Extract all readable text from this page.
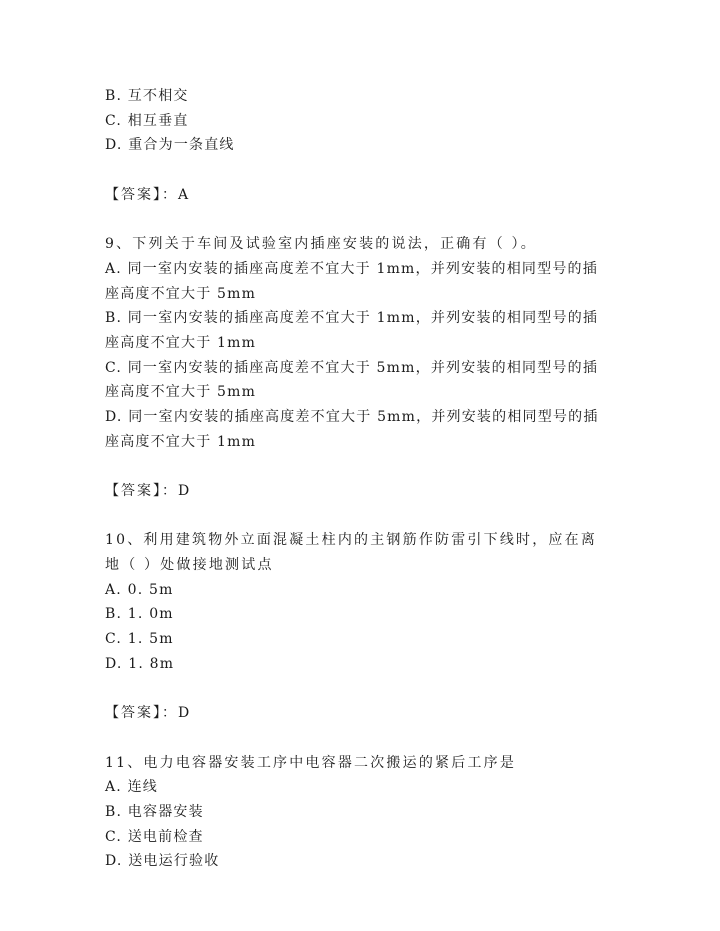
B. 互不相交
C. 相互垂直
D. 重合为一条直线
【答案】：A
9、下列关于车间及试验室内插座安装的说法，正确有（ ）。
A. 同一室内安装的插座高度差不宜大于 1mm，并列安装的相同型号的插
座高度不宜大于 5mm
B. 同一室内安装的插座高度差不宜大于 1mm，并列安装的相同型号的插
座高度不宜大于 1mm
C. 同一室内安装的插座高度差不宜大于 5mm，并列安装的相同型号的插
座高度不宜大于 5mm
D. 同一室内安装的插座高度差不宜大于 5mm，并列安装的相同型号的插
座高度不宜大于 1mm
【答案】：D
10、利用建筑物外立面混凝土柱内的主钢筋作防雷引下线时，应在离
地（ ）处做接地测试点
A. 0. 5m
B. 1. 0m
C. 1. 5m
D. 1. 8m
【答案】：D
11、电力电容器安装工序中电容器二次搬运的紧后工序是
A. 连线
B. 电容器安装
C. 送电前检查
D. 送电运行验收
